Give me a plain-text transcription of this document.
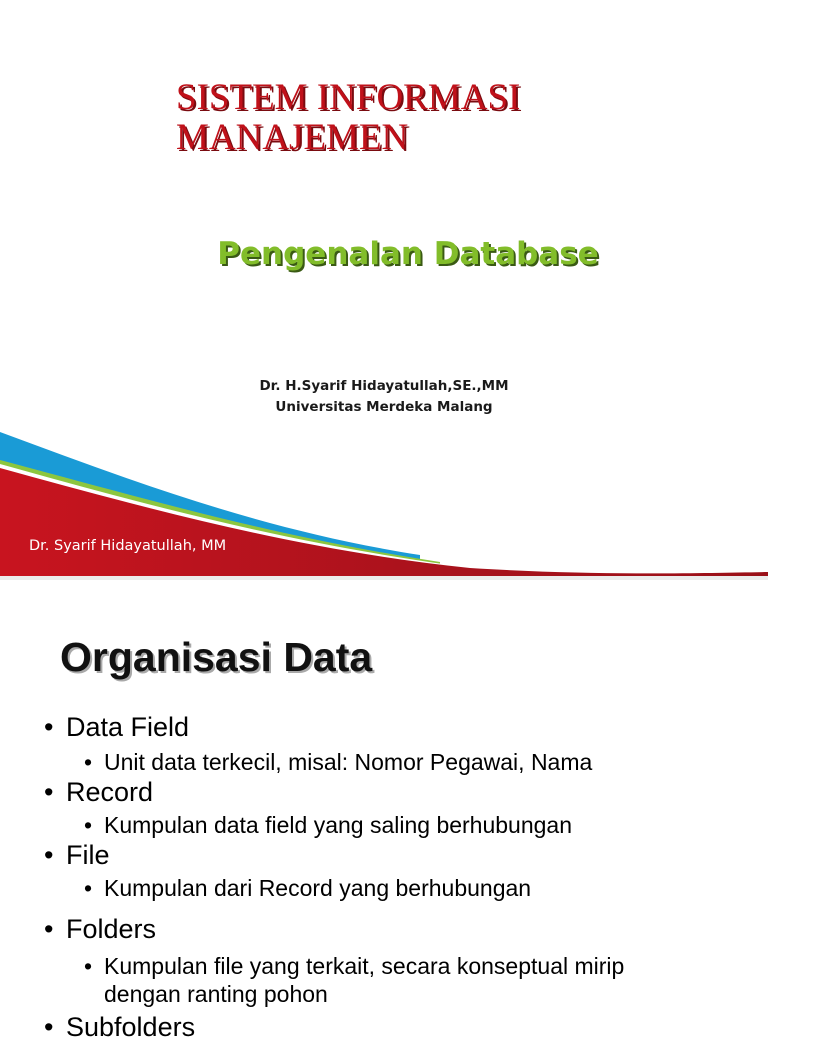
SISTEM INFORMASI
MANAJEMEN
Pengenalan Database

Dr. H.Syarif Hidayatullah,SE.,MM

Universitas Merdeka Malang

Dr. Syarif Hidayatullah, MM
Organisasi Data
• Data Field
• Unit data terkecil, misal: Nomor Pegawai, Nama
• Record
• Kumpulan data field yang saling berhubungan
• File
• Kumpulan dari Record yang berhubungan
• Folders
• Kumpulan file yang terkait, secara konseptual mirip dengan ranting pohon
• Subfolders
